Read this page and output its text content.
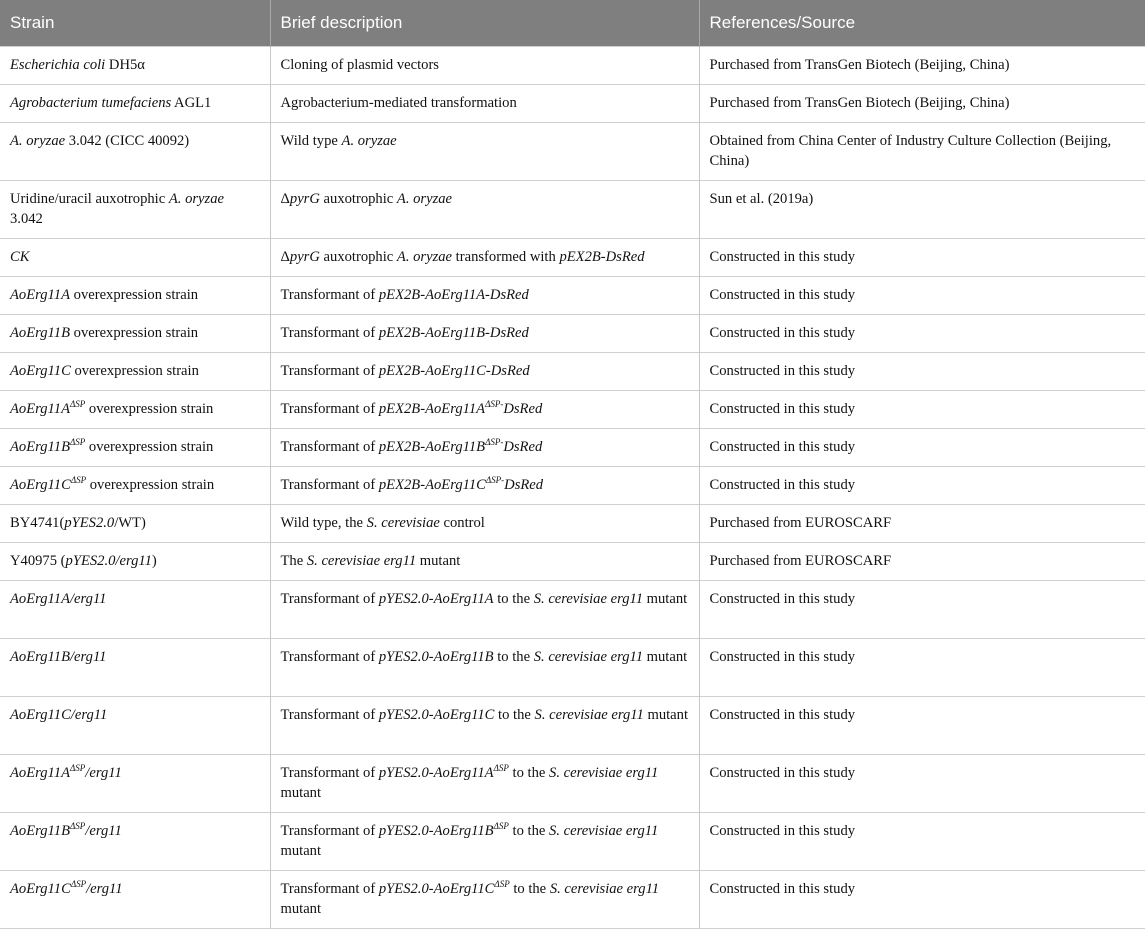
Strain	Brief description	References/Source
Escherichia coli DH5α	Cloning of plasmid vectors	Purchased from TransGen Biotech (Beijing, China)
Agrobacterium tumefaciens AGL1	Agrobacterium-mediated transformation	Purchased from TransGen Biotech (Beijing, China)
A. oryzae 3.042 (CICC 40092)	Wild type A. oryzae	Obtained from China Center of Industry Culture Collection (Beijing, China)
Uridine/uracil auxotrophic A. oryzae 3.042	ΔpyrG auxotrophic A. oryzae	Sun et al. (2019a)
CK	ΔpyrG auxotrophic A. oryzae transformed with pEX2B-DsRed	Constructed in this study
AoErg11A overexpression strain	Transformant of pEX2B-AoErg11A-DsRed	Constructed in this study
AoErg11B overexpression strain	Transformant of pEX2B-AoErg11B-DsRed	Constructed in this study
AoErg11C overexpression strain	Transformant of pEX2B-AoErg11C-DsRed	Constructed in this study
$AoErg11A^{\Delta SP}$ overexpression strain	Transformant of $pEX2B-AoErg11A^{\Delta SP-}DsRed$	Constructed in this study
$AoErg11B^{\Delta SP}$ overexpression strain	Transformant of $pEX2B-AoErg11B^{\Delta SP-}DsRed$	Constructed in this study
$AoErg11C^{\Delta SP}$ overexpression strain	Transformant of $pEX2B-AoErg11C^{\Delta SP-}DsRed$	Constructed in this study
BY4741(pYES2.0/WT)	Wild type, the S. cerevisiae control	Purchased from EUROSCARF
Y40975 (pYES2.0/erg11)	The S. cerevisiae erg11 mutant	Purchased from EUROSCARF
AoErg11A/erg11	Transformant of pYES2.0-AoErg11A to the S. cerevisiae erg11 mutant	Constructed in this study
AoErg11B/erg11	Transformant of pYES2.0-AoErg11B to the S. cerevisiae erg11 mutant	Constructed in this study
AoErg11C/erg11	Transformant of pYES2.0-AoErg11C to the S. cerevisiae erg11 mutant	Constructed in this study
$AoErg11A^{\Delta SP}/erg11$	Transformant of $pYES2.0-AoErg11A^{\Delta SP}$ to the S. cerevisiae erg11 mutant	Constructed in this study
$AoErg11B^{\Delta SP}/erg11$	Transformant of $pYES2.0-AoErg11B^{\Delta SP}$ to the S. cerevisiae erg11 mutant	Constructed in this study
$AoErg11C^{\Delta SP}/erg11$	Transformant of $pYES2.0-AoErg11C^{\Delta SP}$ to the S. cerevisiae erg11 mutant	Constructed in this study
